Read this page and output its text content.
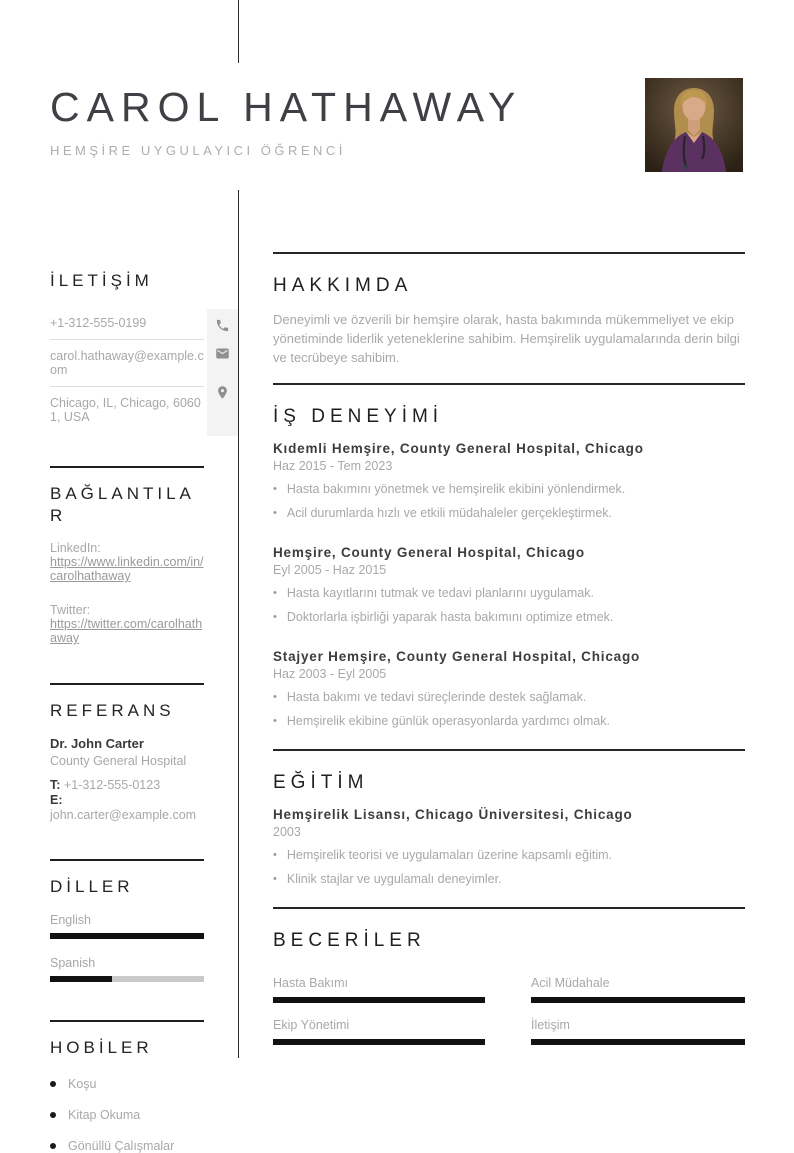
CAROL HATHAWAY
HEMŞİRE UYGULAYICI ÖĞRENCİ
İLETİŞİM
+1-312-555-0199
carol.hathaway@example.com
Chicago, IL, Chicago, 60601, USA
BAĞLANTILAR
LinkedIn:
https://www.linkedin.com/in/carolhathaway
Twitter:
https://twitter.com/carolhathaway
REFERANS
Dr. John Carter
County General Hospital
T: +1-312-555-0123
E: john.carter@example.com
DİLLER
English
Spanish
HOBİLER
Koşu
Kitap Okuma
Gönüllü Çalışmalar
HAKKIMDA
Deneyimli ve özverili bir hemşire olarak, hasta bakımında mükemmeliyet ve ekip yönetiminde liderlik yeteneklerine sahibim. Hemşirelik uygulamalarında derin bilgi ve tecrübeye sahibim.
İŞ DENEYİMİ
Kıdemli Hemşire, County General Hospital, Chicago
Haz 2015 - Tem 2023
• Hasta bakımını yönetmek ve hemşirelik ekibini yönlendirmek.
• Acil durumlarda hızlı ve etkili müdahaleler gerçekleştirmek.
Hemşire, County General Hospital, Chicago
Eyl 2005 - Haz 2015
• Hasta kayıtlarını tutmak ve tedavi planlarını uygulamak.
• Doktorlarla işbirliği yaparak hasta bakımını optimize etmek.
Stajyer Hemşire, County General Hospital, Chicago
Haz 2003 - Eyl 2005
• Hasta bakımı ve tedavi süreçlerinde destek sağlamak.
• Hemşirelik ekibine günlük operasyonlarda yardımcı olmak.
EĞİTİM
Hemşirelik Lisansı, Chicago Üniversitesi, Chicago
2003
• Hemşirelik teorisi ve uygulamaları üzerine kapsamlı eğitim.
• Klinik stajlar ve uygulamalı deneyimler.
BECERİLER
Hasta Bakımı	Acil Müdahale
Ekip Yönetimi	İletişim
